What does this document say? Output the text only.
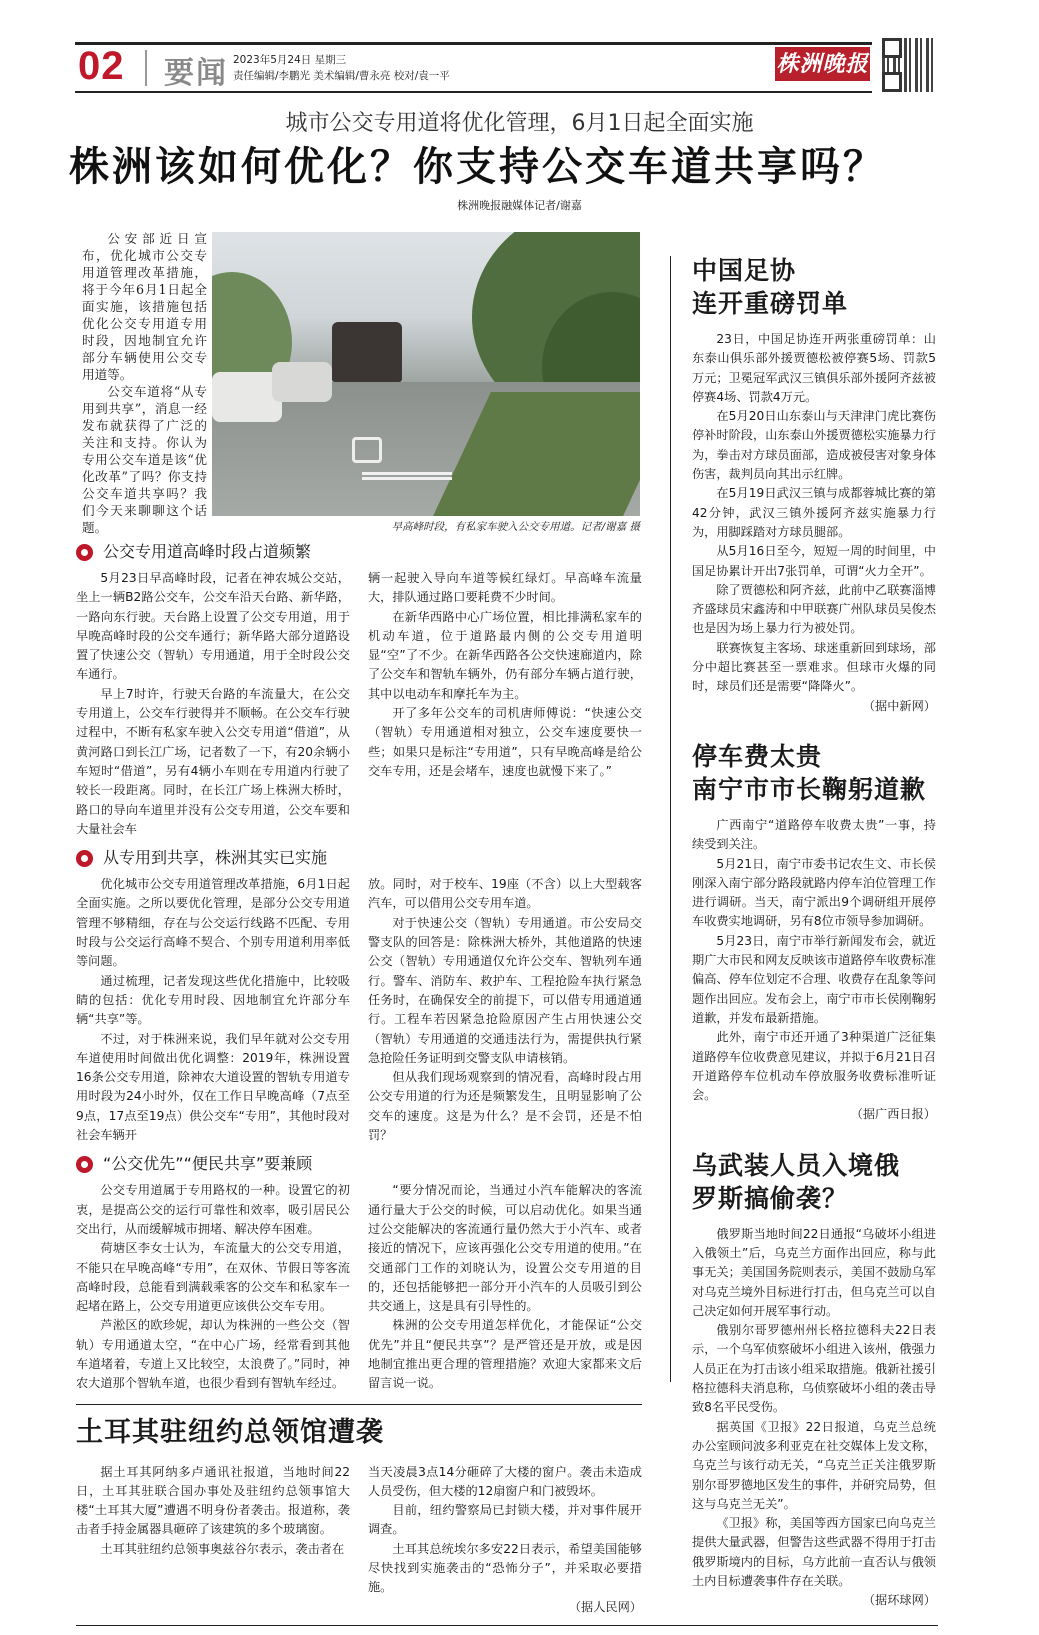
02 要闻 2023年5月24日 星期三
责任编辑/李鹏光 美术编辑/曹永亮 校对/袁一平	株洲晚报
城市公交专用道将优化管理，6月1日起全面实施
株洲该如何优化？你支持公交车道共享吗？
株洲晚报融媒体记者/谢嘉

公安部近日宣布，优化城市公交专用道管理改革措施，将于今年6月1日起全面实施，该措施包括优化公交专用道专用时段，因地制宜允许部分车辆使用公交专用道等。

公交车道将“从专用到共享”，消息一经发布就获得了广泛的关注和支持。你认为专用公交车道是该“优化改革”了吗？你支持公交车道共享吗？我们今天来聊聊这个话题。	早高峰时段，有私家车驶入公交专用道。记者/谢嘉 摄
公交专用道高峰时段占道频繁

5月23日早高峰时段，记者在神农城公交站，坐上一辆B2路公交车，公交车沿天台路、新华路，一路向东行驶。天台路上设置了公交专用道，用于早晚高峰时段的公交车通行；新华路大部分道路设置了快速公交（智轨）专用通道，用于全时段公交车通行。

早上7时许，行驶天台路的车流量大，在公交专用道上，公交车行驶得并不顺畅。在公交车行驶过程中，不断有私家车驶入公交专用道“借道”，从黄河路口到长江广场，记者数了一下，有20余辆小车短时“借道”，另有4辆小车则在专用道内行驶了较长一段距离。同时，在长江广场上株洲大桥时，路口的导向车道里并没有公交专用道，公交车要和大量社会车

辆一起驶入导向车道等候红绿灯。早高峰车流量大，排队通过路口要耗费不少时间。

在新华西路中心广场位置，相比排满私家车的机动车道，位于道路最内侧的公交专用道明显“空”了不少。在新华西路各公交快速廊道内，除了公交车和智轨车辆外，仍有部分车辆占道行驶，其中以电动车和摩托车为主。

开了多年公交车的司机唐师傅说：“快速公交（智轨）专用通道相对独立，公交车速度要快一些；如果只是标注“专用道”，只有早晚高峰是给公交车专用，还是会堵车，速度也就慢下来了。”

从专用到共享，株洲其实已实施

优化城市公交专用道管理改革措施，6月1日起全面实施。之所以要优化管理，是部分公交专用道管理不够精细，存在与公交运行线路不匹配、专用时段与公交运行高峰不契合、个别专用道利用率低等问题。

通过梳理，记者发现这些优化措施中，比较吸睛的包括：优化专用时段、因地制宜允许部分车辆“共享”等。

不过，对于株洲来说，我们早年就对公交专用车道使用时间做出优化调整：2019年，株洲设置16条公交专用道，除神农大道设置的智轨专用道专用时段为24小时外，仅在工作日早晚高峰（7点至9点，17点至19点）供公交车“专用”，其他时段对社会车辆开

放。同时，对于校车、19座（不含）以上大型载客汽车，可以借用公交专用车道。

对于快速公交（智轨）专用通道。市公安局交警支队的回答是：除株洲大桥外，其他道路的快速公交（智轨）专用通道仅允许公交车、智轨列车通行。警车、消防车、救护车、工程抢险车执行紧急任务时，在确保安全的前提下，可以借专用通道通行。工程车若因紧急抢险原因产生占用快速公交（智轨）专用通道的交通违法行为，需提供执行紧急抢险任务证明到交警支队申请核销。

但从我们现场观察到的情况看，高峰时段占用公交专用道的行为还是频繁发生，且明显影响了公交车的速度。这是为什么？是不会罚，还是不怕罚？

“公交优先”“便民共享”要兼顾

公交专用道属于专用路权的一种。设置它的初衷，是提高公交的运行可靠性和效率，吸引居民公交出行，从而缓解城市拥堵、解决停车困难。

荷塘区李女士认为，车流量大的公交专用道，不能只在早晚高峰“专用”，在双休、节假日等客流高峰时段，总能看到满载乘客的公交车和私家车一起堵在路上，公交专用道更应该供公交车专用。

芦淞区的欧珍妮，却认为株洲的一些公交（智轨）专用通道太空，“在中心广场，经常看到其他车道堵着，专道上又比较空，太浪费了。”同时，神农大道那个智轨车道，也很少看到有智轨车经过。

“要分情况而论，当通过小汽车能解决的客流通行量大于公交的时候，可以启动优化。如果当通过公交能解决的客流通行量仍然大于小汽车、或者接近的情况下，应该再强化公交专用道的使用。”在交通部门工作的刘晓认为，设置公交专用道的目的，还包括能够把一部分开小汽车的人员吸引到公共交通上，这是具有引导性的。

株洲的公交专用道怎样优化，才能保证“公交优先”并且“便民共享”？是严管还是开放，或是因地制宜推出更合理的管理措施？欢迎大家都来文后留言说一说。

土耳其驻纽约总领馆遭袭

据土耳其阿纳多卢通讯社报道，当地时间22日，土耳其驻联合国办事处及驻纽约总领事馆大楼“土耳其大厦”遭遇不明身份者袭击。报道称，袭击者手持金属器具砸碎了该建筑的多个玻璃窗。

土耳其驻纽约总领事奥兹谷尔表示，袭击者在

当天凌晨3点14分砸碎了大楼的窗户。袭击未造成人员受伤，但大楼的12扇窗户和门被毁坏。

目前，纽约警察局已封锁大楼，并对事件展开调查。

土耳其总统埃尔多安22日表示，希望美国能够尽快找到实施袭击的“恐怖分子”，并采取必要措施。

（据人民网）

中国足协
连开重磅罚单

23日，中国足协连开两张重磅罚单：山东泰山俱乐部外援贾德松被停赛5场、罚款5万元；卫冕冠军武汉三镇俱乐部外援阿齐兹被停赛4场、罚款4万元。

在5月20日山东泰山与天津津门虎比赛伤停补时阶段，山东泰山外援贾德松实施暴力行为，拳击对方球员面部，造成被侵害对象身体伤害，裁判员向其出示红牌。

在5月19日武汉三镇与成都蓉城比赛的第42分钟，武汉三镇外援阿齐兹实施暴力行为，用脚踩踏对方球员腿部。

从5月16日至今，短短一周的时间里，中国足协累计开出7张罚单，可谓“火力全开”。

除了贾德松和阿齐兹，此前中乙联赛淄博齐盛球员宋鑫涛和中甲联赛广州队球员吴俊杰也是因为场上暴力行为被处罚。

联赛恢复主客场、球迷重新回到球场，部分中超比赛甚至一票难求。但球市火爆的同时，球员们还是需要“降降火”。

（据中新网）

停车费太贵
南宁市市长鞠躬道歉

广西南宁“道路停车收费太贵”一事，持续受到关注。

5月21日，南宁市委书记农生文、市长侯刚深入南宁部分路段就路内停车泊位管理工作进行调研。当天，南宁派出9个调研组开展停车收费实地调研，另有8位市领导参加调研。

5月23日，南宁市举行新闻发布会，就近期广大市民和网友反映该市道路停车收费标准偏高、停车位划定不合理、收费存在乱象等问题作出回应。发布会上，南宁市市长侯刚鞠躬道歉，并发布最新措施。

此外，南宁市还开通了3种渠道广泛征集道路停车位收费意见建议，并拟于6月21日召开道路停车位机动车停放服务收费标准听证会。

（据广西日报）

乌武装人员入境俄
罗斯搞偷袭？

俄罗斯当地时间22日通报“乌破坏小组进入俄领土”后，乌克兰方面作出回应，称与此事无关；美国国务院则表示，美国不鼓励乌军对乌克兰境外目标进行打击，但乌克兰可以自己决定如何开展军事行动。

俄别尔哥罗德州州长格拉德科夫22日表示，一个乌军侦察破坏小组进入该州，俄强力人员正在为打击该小组采取措施。俄新社援引格拉德科夫消息称，乌侦察破坏小组的袭击导致8名平民受伤。

据英国《卫报》22日报道，乌克兰总统办公室顾问波多利亚克在社交媒体上发文称，乌克兰与该行动无关，“乌克兰正关注俄罗斯别尔哥罗德地区发生的事件，并研究局势，但这与乌克兰无关”。

《卫报》称，美国等西方国家已向乌克兰提供大量武器，但警告这些武器不得用于打击俄罗斯境内的目标，乌方此前一直否认与俄领土内目标遭袭事件存在关联。

（据环球网）
